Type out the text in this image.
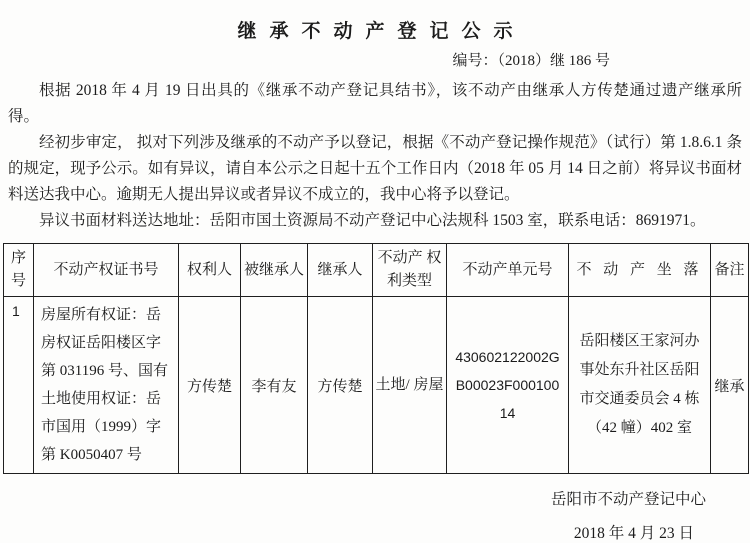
继承不动产登记公示
编号：（2018）继 186 号

根据 2018 年 4 月 19 日出具的《继承不动产登记具结书》，该不动产由继承人方传楚通过遗产继承所得。

经初步审定， 拟对下列涉及继承的不动产予以登记，根据《不动产登记操作规范》（试行）第 1.8.6.1 条的规定，现予公示。如有异议，请自本公示之日起十五个工作日内（2018 年 05 月 14 日之前）将异议书面材料送达我中心。逾期无人提出异议或者异议不成立的，我中心将予以登记。

异议书面材料送达地址：岳阳市国土资源局不动产登记中心法规科 1503 室，联系电话：8691971。

序号	不动产权证书号	权利人	被继承人	继承人	不动产 权利类型	不动产单元号	不 动 产 坐 落	备注
1	房屋所有权证：岳房权证岳阳楼区字第 031196 号、国有土地使用权证：岳市国用（1999）字第 K0050407 号	方传楚	李有友	方传楚	土地/ 房屋	430602122002GB00023F00010014	岳阳楼区王家河办事处东升社区岳阳市交通委员会 4 栋（42 幢）402 室	继承
岳阳市不动产登记中心
2018 年 4 月 23 日
